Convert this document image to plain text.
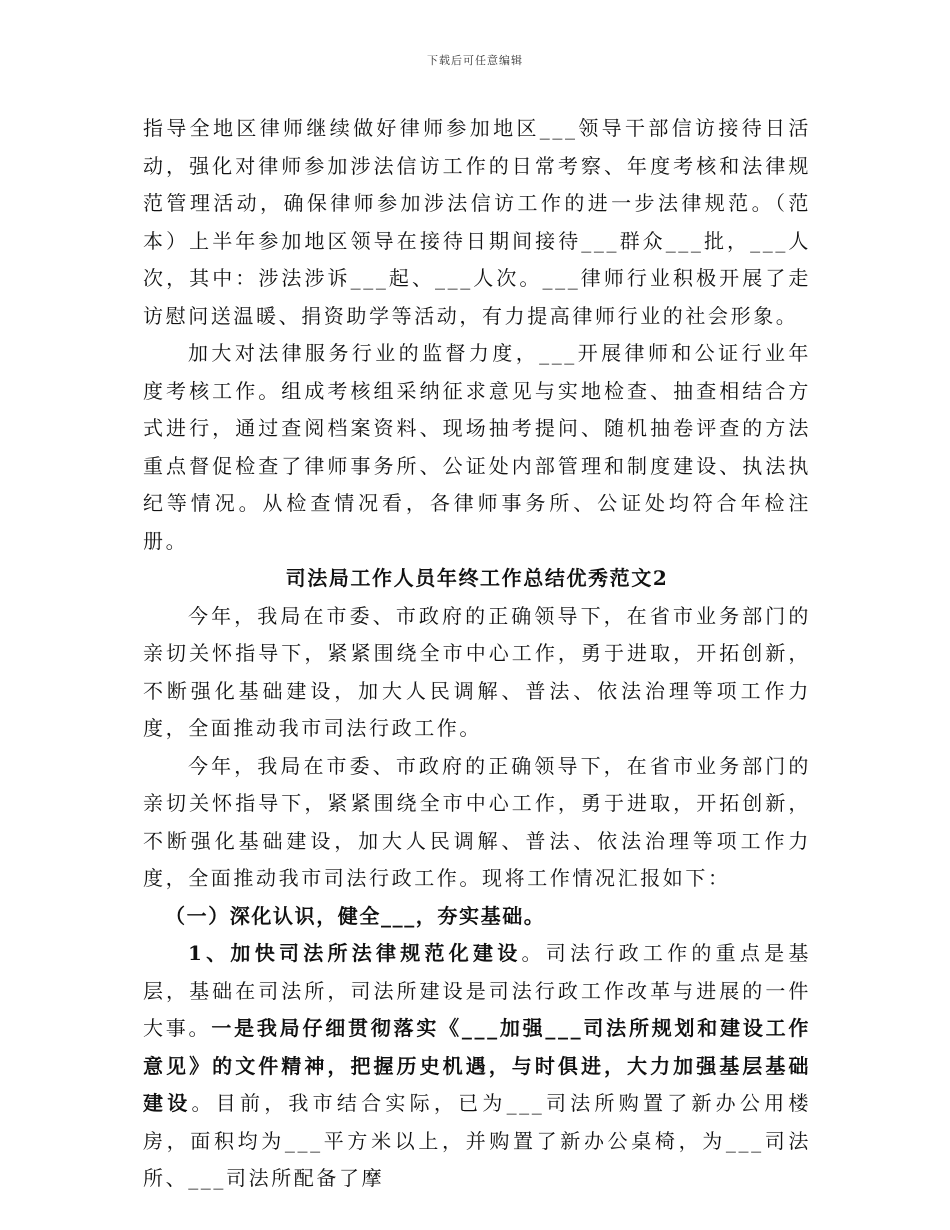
下载后可任意编辑

指导全地区律师继续做好律师参加地区___领导干部信访接待日活动，强化对律师参加涉法信访工作的日常考察、年度考核和法律规范管理活动，确保律师参加涉法信访工作的进一步法律规范。（范本）上半年参加地区领导在接待日期间接待___群众___批，___人次，其中：涉法涉诉___起、___人次。___律师行业积极开展了走访慰问送温暖、捐资助学等活动，有力提高律师行业的社会形象。

加大对法律服务行业的监督力度，___开展律师和公证行业年度考核工作。组成考核组采纳征求意见与实地检查、抽查相结合方式进行，通过查阅档案资料、现场抽考提问、随机抽卷评查的方法重点督促检查了律师事务所、公证处内部管理和制度建设、执法执纪等情况。从检查情况看，各律师事务所、公证处均符合年检注册。

司法局工作人员年终工作总结优秀范文2

今年，我局在市委、市政府的正确领导下，在省市业务部门的亲切关怀指导下，紧紧围绕全市中心工作，勇于进取，开拓创新，不断强化基础建设，加大人民调解、普法、依法治理等项工作力度，全面推动我市司法行政工作。

今年，我局在市委、市政府的正确领导下，在省市业务部门的亲切关怀指导下，紧紧围绕全市中心工作，勇于进取，开拓创新，不断强化基础建设，加大人民调解、普法、依法治理等项工作力度，全面推动我市司法行政工作。现将工作情况汇报如下：

（一）深化认识，健全___，夯实基础。

1、加快司法所法律规范化建设。司法行政工作的重点是基层，基础在司法所，司法所建设是司法行政工作改革与进展的一件大事。一是我局仔细贯彻落实《___加强___司法所规划和建设工作意见》的文件精神，把握历史机遇，与时俱进，大力加强基层基础建设。目前，我市结合实际，已为___司法所购置了新办公用楼房，面积均为___平方米以上，并购置了新办公桌椅，为___司法所、___司法所配备了摩
